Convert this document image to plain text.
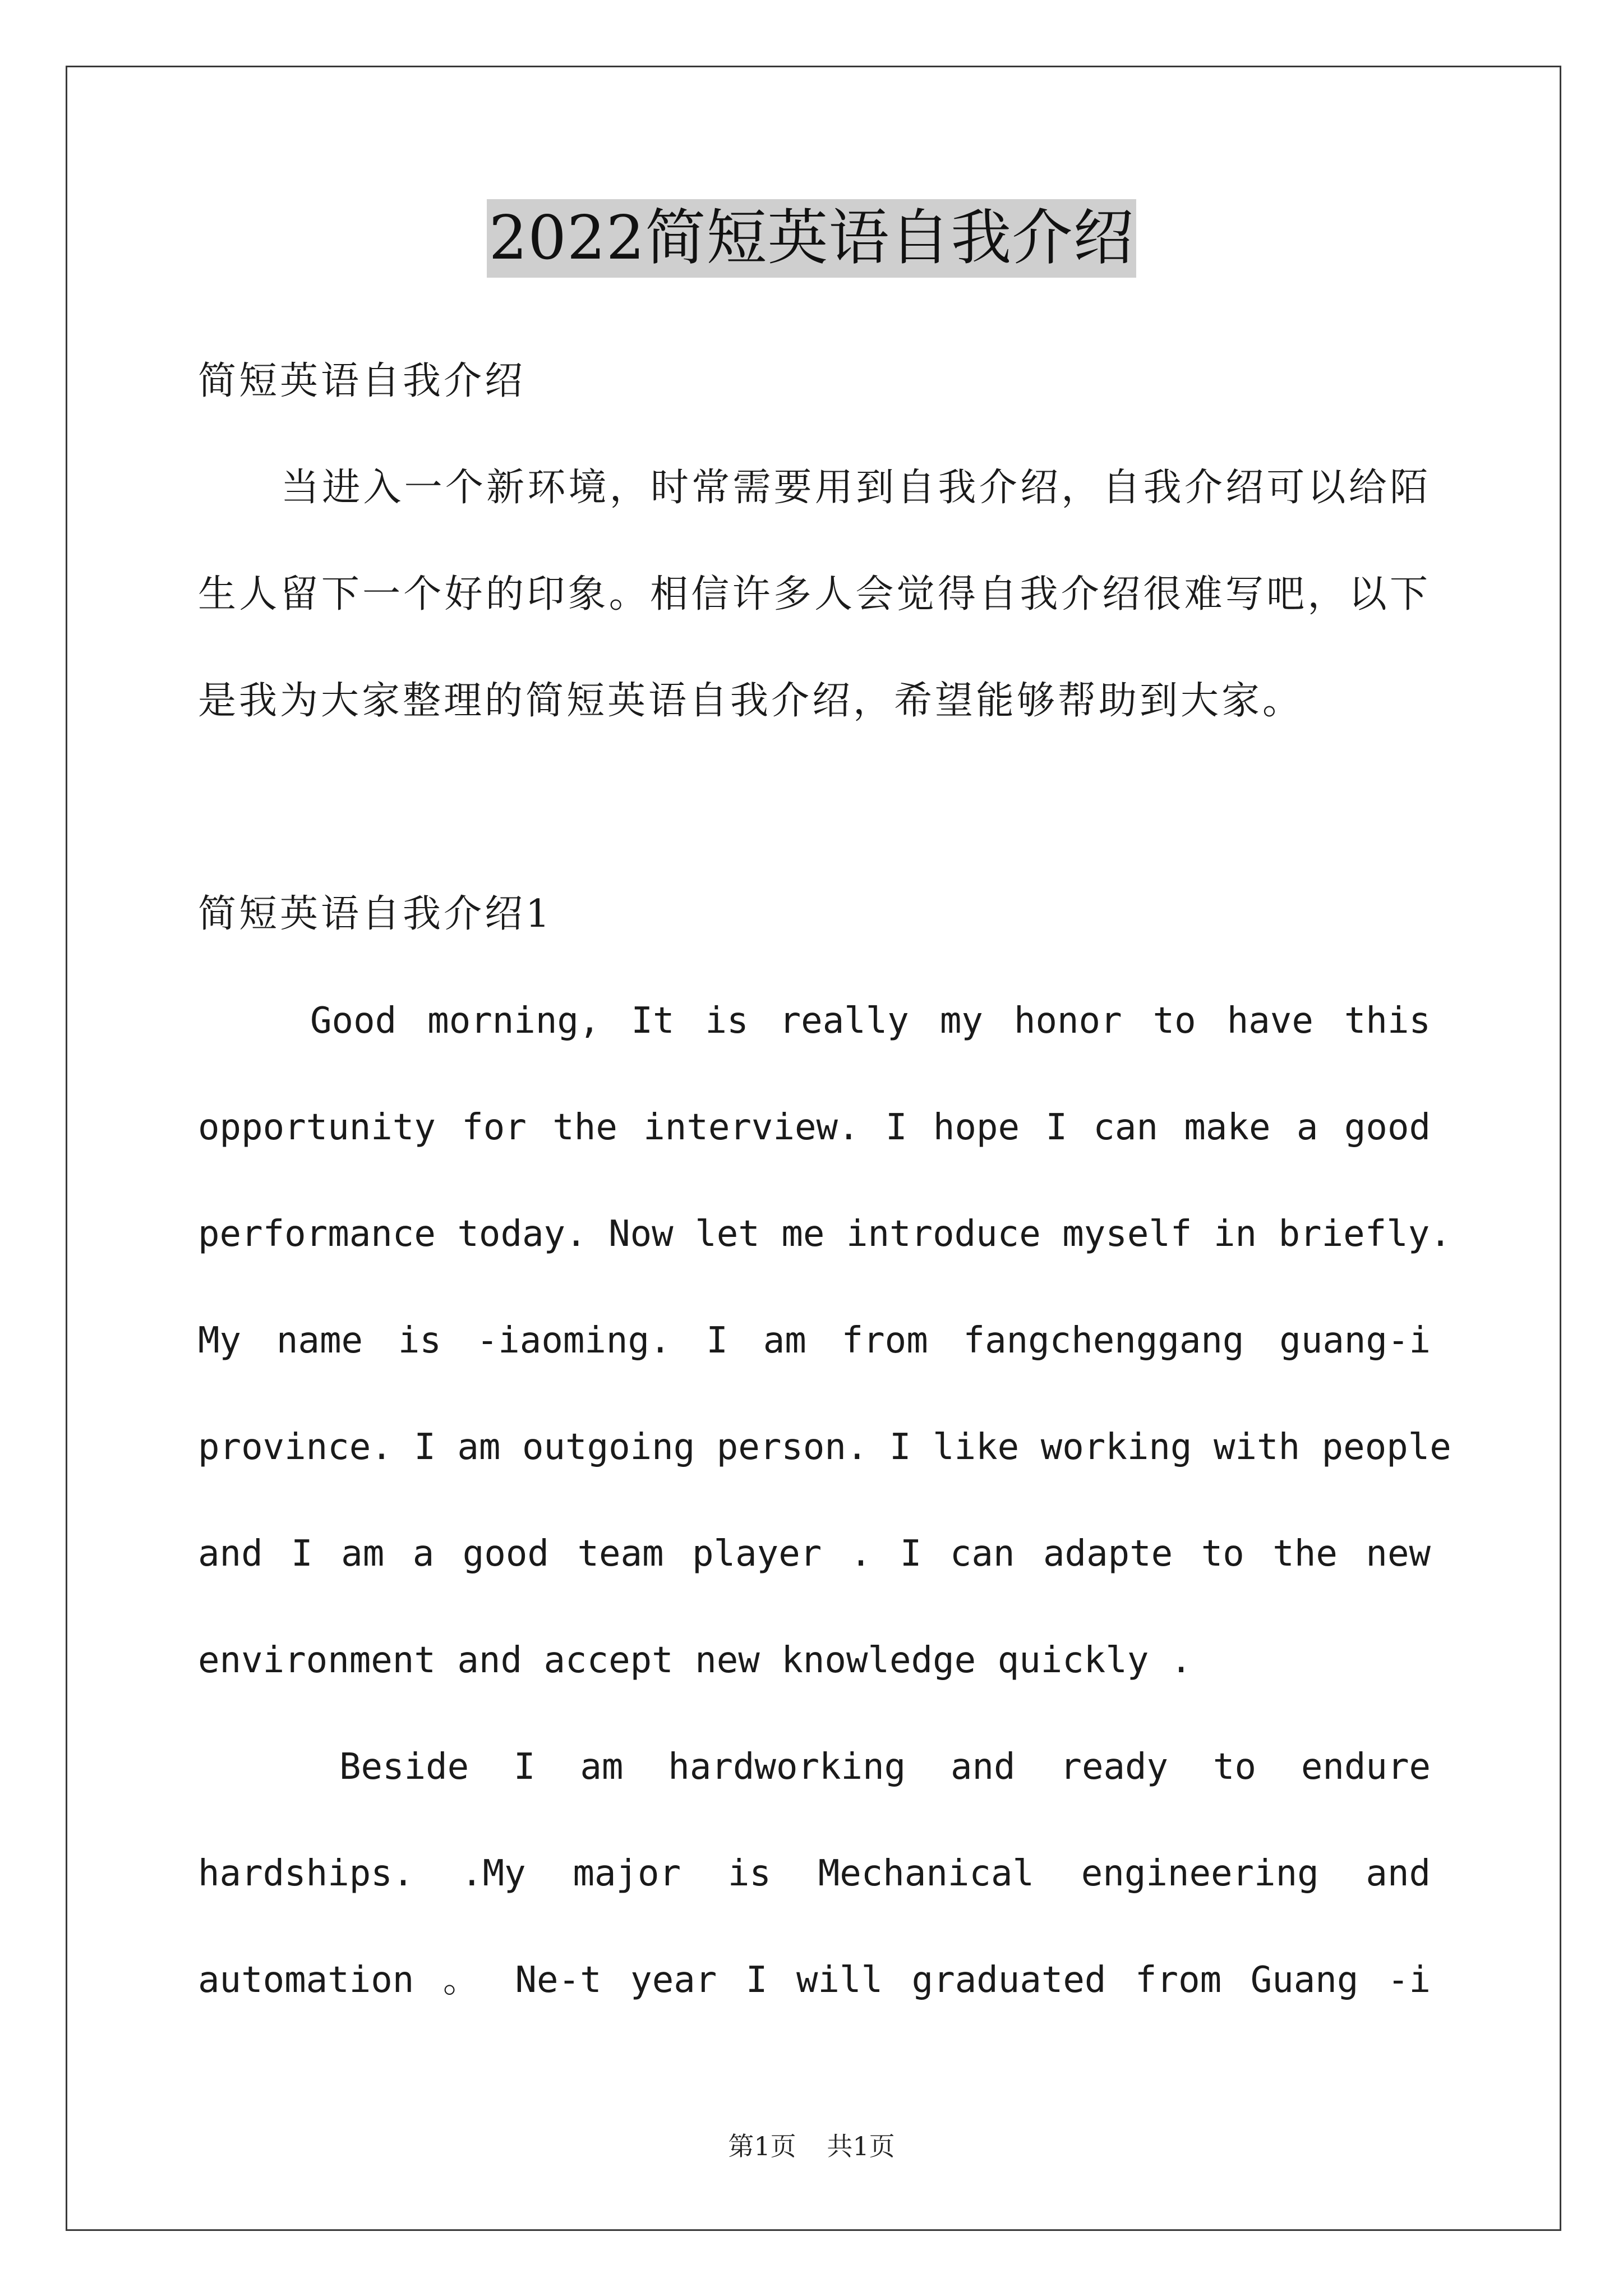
2022简短英语自我介绍
简短英语自我介绍
当进入一个新环境，时常需要用到自我介绍，自我介绍可以给陌
生人留下一个好的印象。相信许多人会觉得自我介绍很难写吧，以下
是我为大家整理的简短英语自我介绍，希望能够帮助到大家。
简短英语自我介绍1
Good morning, It is really my honor to have this
opportunity for the interview. I hope I can make a good
performance today. Now let me introduce myself in briefly.
My name is -iaoming. I am from fangchenggang guang-i
province. I am outgoing person. I like working with people
and I am a good team player . I can adapte to the new
environment and accept new knowledge quickly .
Beside I am hardworking and ready to endure
hardships. .My major is Mechanical engineering and
automation 。 Ne-t year I will graduated from Guang -i
第1页 共1页
